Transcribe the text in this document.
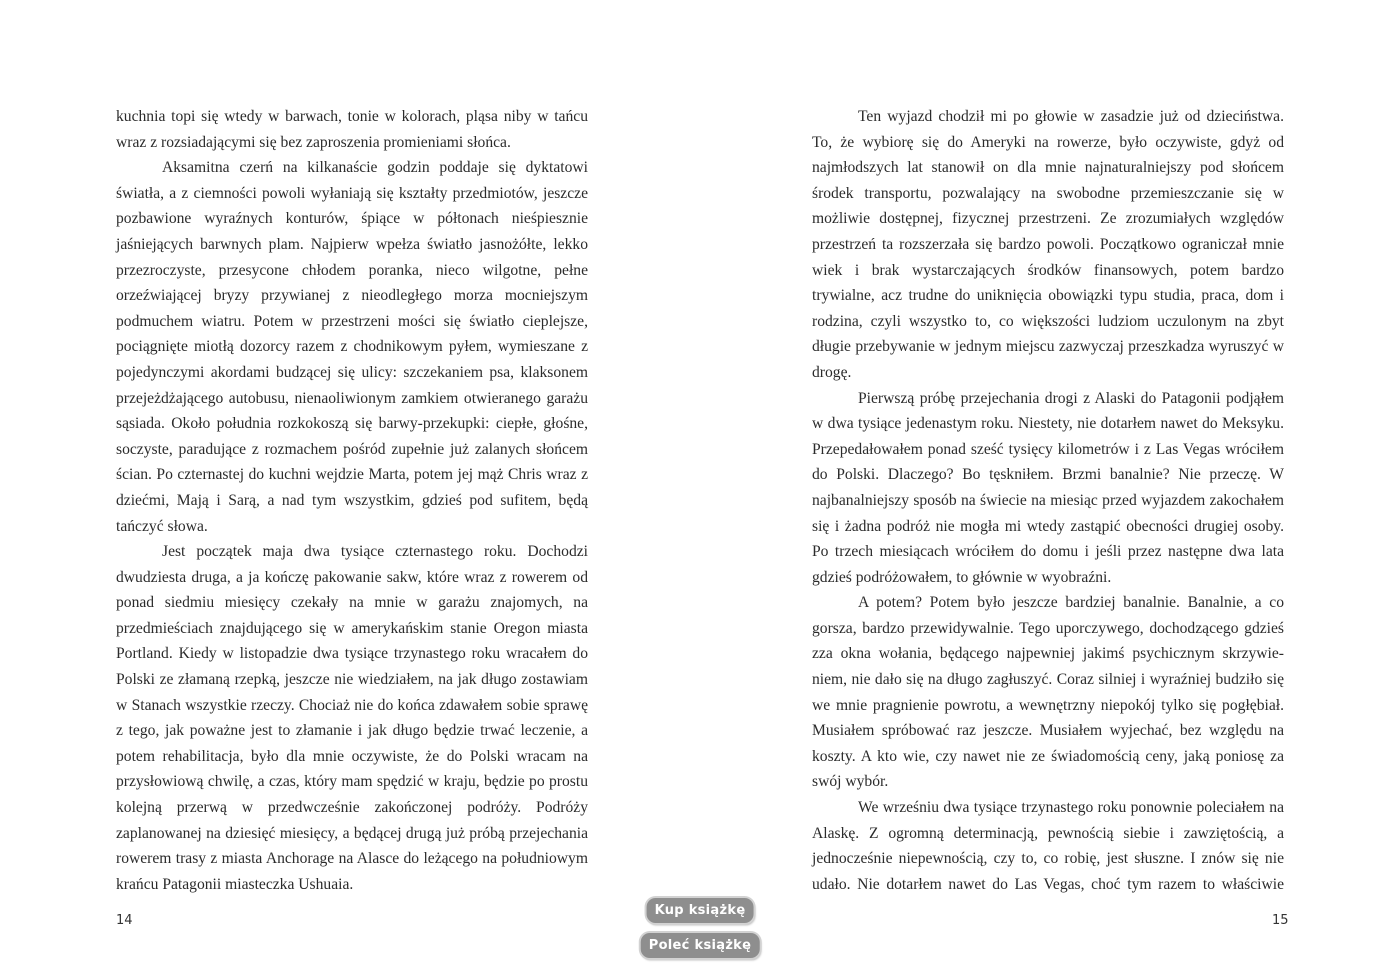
kuchnia topi się wtedy w barwach, tonie w kolorach, pląsa niby w tańcu wraz z rozsiadającymi się bez zaproszenia promieniami słońca.

Aksamitna czerń na kilkanaście godzin poddaje się dyktatowi światła, a z ciemności powoli wyłaniają się kształty przedmiotów, jeszcze pozbawione wyraźnych konturów, śpiące w półtonach nieśpiesznie jaśniejących barwnych plam. Najpierw wpełza światło jasnożółte, lekko przezroczyste, przesycone chłodem poranka, nieco wilgotne, pełne orzeźwiającej bryzy przywianej z nieodległego morza mocniejszym podmuchem wiatru. Potem w przestrzeni mości się światło cieplejsze, pociągnięte miotłą dozorcy razem z chodnikowym pyłem, wymieszane z pojedynczymi akordami budzącej się ulicy: szczekaniem psa, klaksonem przejeżdżającego autobusu, nienaoliwionym zamkiem otwieranego garażu sąsiada. Około południa rozkokoszą się barwy-przekupki: ciepłe, głośne, soczyste, paradujące z rozmachem pośród zupełnie już zalanych słońcem ścian. Po czternastej do kuchni wejdzie Marta, potem jej mąż Chris wraz z dziećmi, Mają i Sarą, a nad tym wszystkim, gdzieś pod sufitem, będą tańczyć słowa.

Jest początek maja dwa tysiące czternastego roku. Dochodzi dwudziesta druga, a ja kończę pakowanie sakw, które wraz z rowerem od ponad siedmiu miesięcy czekały na mnie w garażu znajomych, na przedmieściach znajdującego się w amerykańskim stanie Oregon miasta Portland. Kiedy w listopadzie dwa tysiące trzynastego roku wracałem do Polski ze złamaną rzepką, jeszcze nie wiedziałem, na jak długo zostawiam w Stanach wszystkie rzeczy. Chociaż nie do końca zdawałem sobie sprawę z tego, jak poważne jest to złamanie i jak długo będzie trwać leczenie, a potem rehabilitacja, było dla mnie oczywiste, że do Polski wracam na przysłowiową chwilę, a czas, który mam spędzić w kraju, będzie po prostu kolejną przerwą w przedwcześnie zakończonej podróży. Podróży zaplanowanej na dziesięć miesięcy, a będącej drugą już próbą przejechania rowerem trasy z miasta Anchorage na Alasce do leżącego na południowym krańcu Patagonii miasteczka Ushuaia.

Ten wyjazd chodził mi po głowie w zasadzie już od dzieciństwa. To, że wybiorę się do Ameryki na rowerze, było oczywiste, gdyż od najmłodszych lat stanowił on dla mnie najnaturalniejszy pod słońcem środek transportu, pozwalający na swobodne przemieszczanie się w możliwie dostępnej, fizycznej przestrzeni. Ze zrozumiałych względów przestrzeń ta rozszerzała się bardzo powoli. Początkowo ograniczał mnie wiek i brak wystarczających środków finansowych, potem bardzo trywialne, acz trudne do uniknięcia obowiązki typu studia, praca, dom i rodzina, czyli wszystko to, co większości ludziom uczulonym na zbyt długie przebywanie w jednym miejscu zazwyczaj przeszkadza wyruszyć w drogę.

Pierwszą próbę przejechania drogi z Alaski do Patagonii podjąłem w dwa tysiące jedenastym roku. Niestety, nie dotarłem nawet do Meksyku. Przepedałowałem ponad sześć tysięcy kilometrów i z Las Vegas wróciłem do Polski. Dlaczego? Bo tęskniłem. Brzmi banalnie? Nie przeczę. W najbanalniejszy sposób na świecie na miesiąc przed wyjazdem zakochałem się i żadna podróż nie mogła mi wtedy zastąpić obecności drugiej osoby. Po trzech miesiącach wróciłem do domu i jeśli przez następne dwa lata gdzieś podróżowałem, to głównie w wyobraźni.

A potem? Potem było jeszcze bardziej banalnie. Banalnie, a co gorsza, bardzo przewidywalnie. Tego uporczywego, dochodzącego gdzieś zza okna wołania, będącego najpewniej jakimś psychicznym skrzywieniem, nie dało się na długo zagłuszyć. Coraz silniej i wyraźniej budziło się we mnie pragnienie powrotu, a wewnętrzny niepokój tylko się pogłębiał. Musiałem spróbować raz jeszcze. Musiałem wyjechać, bez względu na koszty. A kto wie, czy nawet nie ze świadomością ceny, jaką poniosę za swój wybór.

We wrześniu dwa tysiące trzynastego roku ponownie poleciałem na Alaskę. Z ogromną determinacją, pewnością siebie i zawziętością, a jednocześnie niepewnością, czy to, co robię, jest słuszne. I znów się nie udało. Nie dotarłem nawet do Las Vegas, choć tym razem to właściwie

14	15
Kup książkę
Poleć książkę
